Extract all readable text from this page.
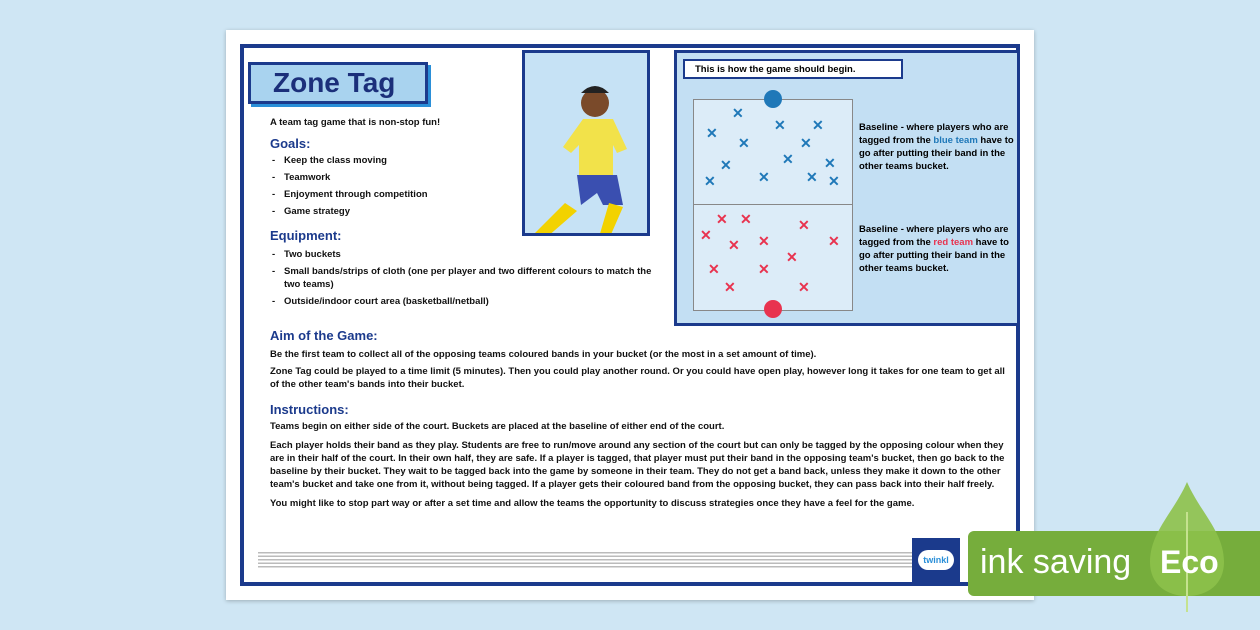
Zone Tag
A team tag game that is non-stop fun!
Goals:
- Keep the class moving
- Teamwork
- Enjoyment through competition
- Game strategy
Equipment:
- Two buckets
- Small bands/strips of cloth (one per player and two different colours to match the two teams)
- Outside/indoor court area (basketball/netball)
This is how the game should begin.
✕
✕	✕ ✕
✕	✕
✕	✕ ✕
✕	✕	✕ ✕
✕ ✕	✕
✕
✕ ✕	✕
✕
✕	✕
✕	✕
Baseline - where players who are tagged from the blue team have to go after putting their band in the other teams bucket.
Baseline - where players who are tagged from the red team have to go after putting their band in the other teams bucket.
Aim of the Game:

Be the first team to collect all of the opposing teams coloured bands in your bucket (or the most in a set amount of time).

Zone Tag could be played to a time limit (5 minutes). Then you could play another round. Or you could have open play, however long it takes for one team to get all of the other team's bands into their bucket.

Instructions:

Teams begin on either side of the court. Buckets are placed at the baseline of either end of the court.

Each player holds their band as they play. Students are free to run/move around any section of the court but can only be tagged by the opposing colour when they are in their half of the court. In their own half, they are safe. If a player is tagged, that player must put their band in the opposing team's bucket, then go back to the baseline by their bucket. They wait to be tagged back into the game by someone in their team. They do not get a band back, unless they make it down to the other team's bucket and take one from it, without being tagged. If a player gets their coloured band from the opposing bucket, they can pass back into their half freely.

You might like to stop part way or after a set time and allow the teams the opportunity to discuss strategies once they have a feel for the game.

twinkl ink saving Eco
